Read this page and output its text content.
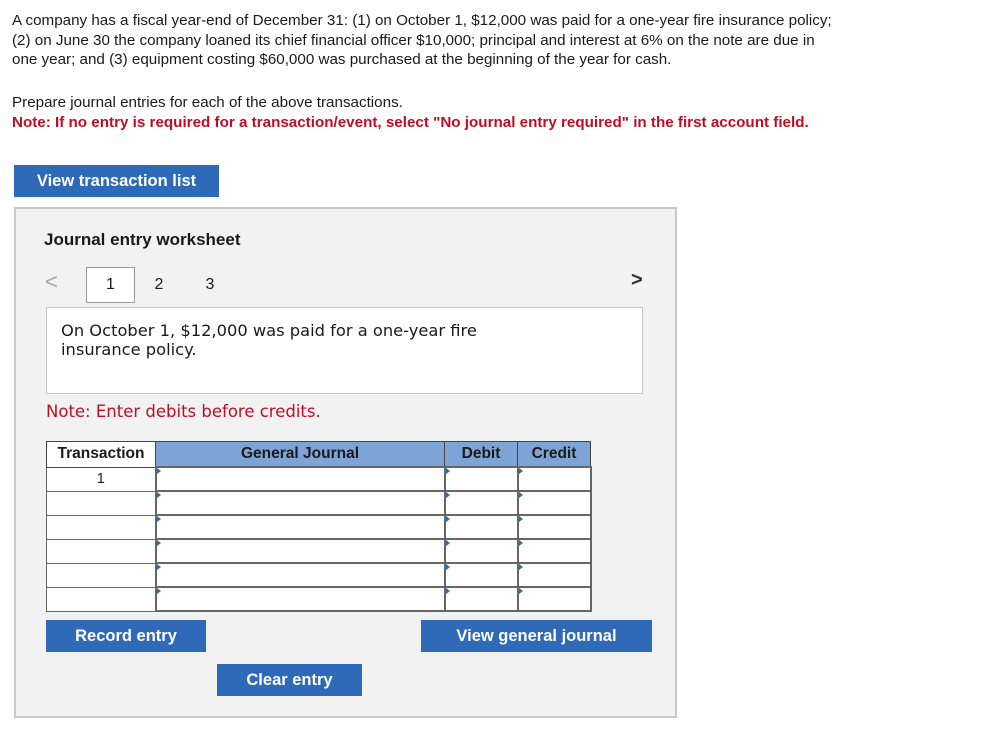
A company has a fiscal year-end of December 31: (1) on October 1, $12,000 was paid for a one-year fire insurance policy;
(2) on June 30 the company loaned its chief financial officer $10,000; principal and interest at 6% on the note are due in
one year; and (3) equipment costing $60,000 was purchased at the beginning of the year for cash.
Prepare journal entries for each of the above transactions.
Note: If no entry is required for a transaction/event, select "No journal entry required" in the first account field.
View transaction list
Journal entry worksheet
<	1	2	3	>
On October 1, $12,000 was paid for a one-year fire
insurance policy.
Note: Enter debits before credits.
Transaction	General Journal	Debit	Credit
1			

Record entry	View general journal
Clear entry
